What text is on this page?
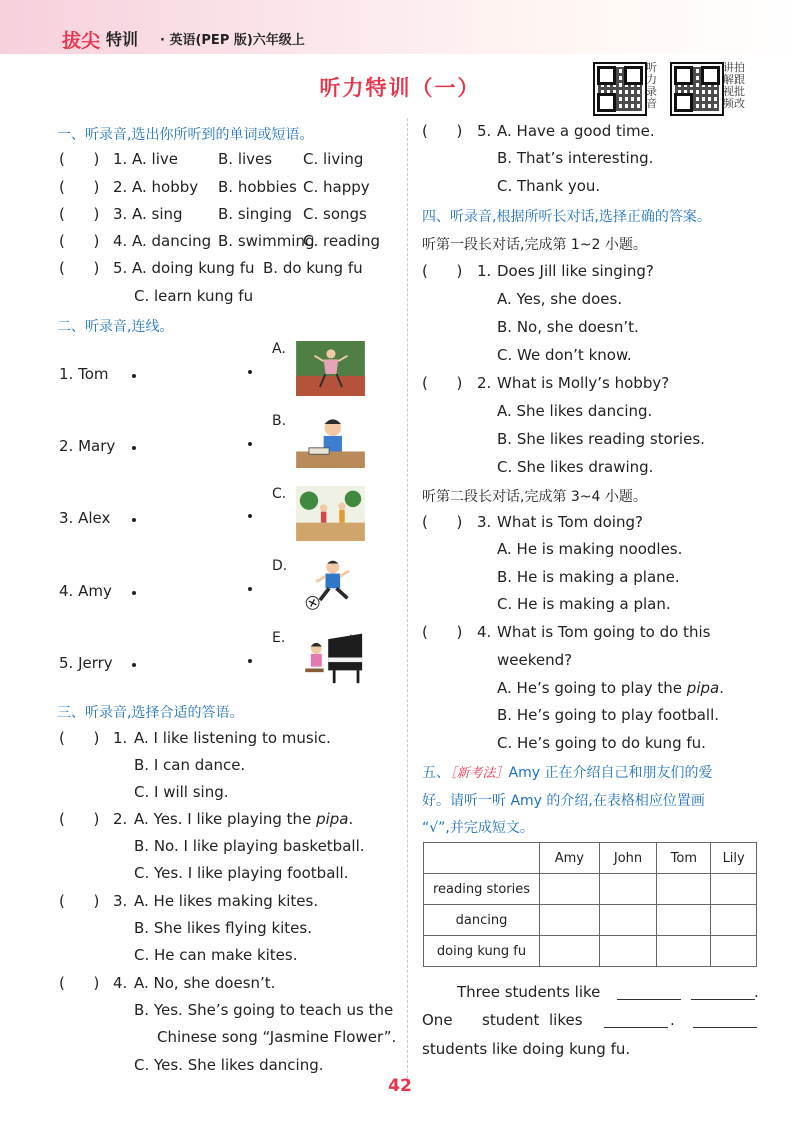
拔尖 特训 · 英语(PEP 版)六年级上
听力特训（一）
听力录音
讲拍解跟视批频改
一、听录音,选出你所听到的单词或短语。
(      ) 1. A. live	B. lives C. living
(      ) 2. A. hobby B. hobbies C. happy
(      ) 3. A. sing B. singing C. songs
(      ) 4. A. dancing B. swimming
C. reading
(      ) 5. A. doing kung fu B. do kung fu
C. learn kung fu
二、听录音,连线。
1. Tom
2. Mary
3. Alex
4. Amy
5. Jerry
A.
B.
C.
D.
E.
三、听录音,选择合适的答语。
(      ) 1. A. I like listening to music.
B. I can dance.
C. I will sing.
(      ) 2. A. Yes. I like playing the pipa.
B. No. I like playing basketball.
C. Yes. I like playing football.
(      ) 3. A. He likes making kites.
B. She likes flying kites.
C. He can make kites.
(      ) 4. A. No, she doesn’t.
B. Yes. She’s going to teach us the
Chinese song “Jasmine Flower”.
C. Yes. She likes dancing.
(      ) 5. A. Have a good time.
B. That’s interesting.
C. Thank you.
四、听录音,根据所听长对话,选择正确的答案。
听第一段长对话,完成第 1~2 小题。
(      ) 1. Does Jill like singing?
A. Yes, she does.
B. No, she doesn’t.
C. We don’t know.
(      ) 2. What is Molly’s hobby?
A. She likes dancing.
B. She likes reading stories.
C. She likes drawing.
听第二段长对话,完成第 3~4 小题。
(      ) 3. What is Tom doing?
A. He is making noodles.
B. He is making a plane.
C. He is making a plan.
(      ) 4. What is Tom going to do this
weekend?
A. He’s going to play the pipa.
B. He’s going to play football.
C. He’s going to do kung fu.
五、［新考法］Amy 正在介绍自己和朋友们的爱
好。请听一听 Amy 的介绍,在表格相应位置画
“√”,并完成短文。
	Amy	John	Tom	Lily
reading stories				
dancing				
doing kung fu				
Three students like	.
One student likes	.
students like doing kung fu.
42
